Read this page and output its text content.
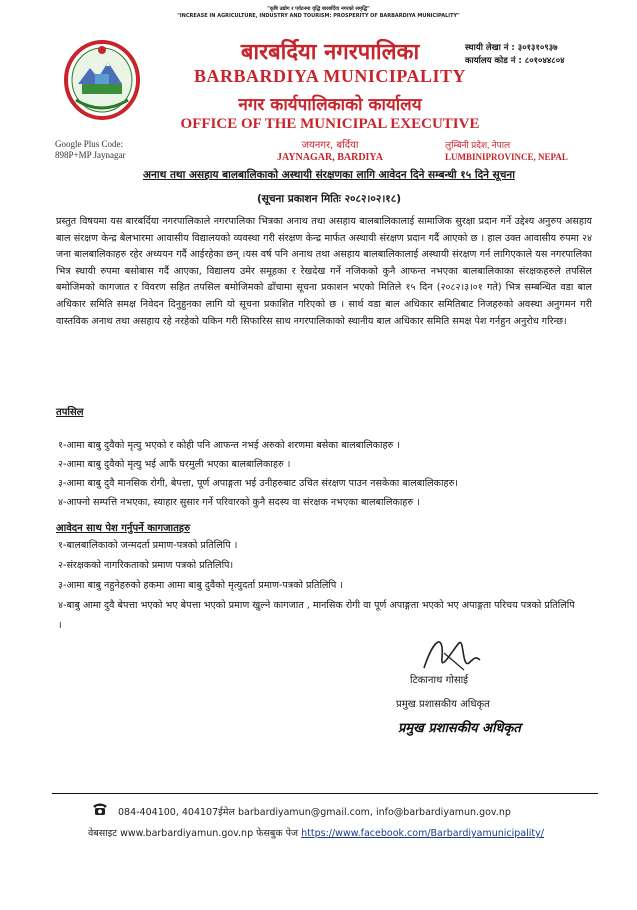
"कृषि उद्योग र पर्यटनमा वृद्धि बारबर्दिया नगरको समृद्धि"
"INCREASE IN AGRICULTURE, INDUSTRY AND TOURISM: PROSPERITY OF BARBARDIYA MUNICIPALITY"
बारबर्दिया नगरपालिका
BARBARDIYA MUNICIPALITY
नगर कार्यपालिकाको कार्यालय
OFFICE OF THE MUNICIPAL EXECUTIVE
जयनगर, बर्दिया
JAYNAGAR, BARDIYA
Google Plus Code:
898P+MP Jaynagar
लुम्बिनी प्रदेश, नेपाल
LUMBINIPROVINCE, NEPAL
स्थायी लेखा नं : ३०१३१०९३७
कार्यालय कोड नं : ८०१०४४८०४
अनाथ तथा असहाय बालबालिकाको अस्थायी संरक्षणका लागि आवेदन दिने सम्बन्धी १५ दिने सूचना
(सूचना प्रकाशन मितिः २०८२।०२।१८)
प्रस्तुत विषयमा यस बारबर्दिया नगरपालिकाले नगरपालिका भित्रका अनाथ तथा असहाय बालबालिकालाई सामाजिक सुरक्षा प्रदान गर्ने उद्देश्य अनुरुप असहाय बाल संरक्षण केन्द्र बेलभारमा आवासीय विद्यालयको व्यवस्था गरी संरक्षण केन्द्र मार्फत अस्थायी संरक्षण प्रदान गर्दै आएको छ । हाल उक्त आवासीय रुपमा २४ जना बालबालिकाहरु रहेर अध्ययन गर्दै आईरहेका छन् ।यस वर्ष पनि अनाथ तथा असहाय बालबालिकालाई अस्थायी संरक्षण गर्न लागिएकाले यस नगरपालिका भित्र स्थायी रुपमा बसोबास गर्दै आएका, विद्यालय उमेर समूहका र रेखदेख गर्ने नजिकको कुनै आफन्त नभएका बालबालिकाका संरक्षकहरुले तपसिल बमोजिमको कागजात र विवरण सहित तपसिल बमोजिमको ढाँचामा सूचना प्रकाशन भएको मितिले १५ दिन (२०८२।३।०१ गते) भित्र सम्बन्धित वडा बाल अधिकार समिति समक्ष निवेदन दिनुहुनका लागि यो सूचना प्रकाशित गरिएको छ । सार्थ वडा बाल अधिकार समितिबाट निजहरुको अवस्था अनुगमन गरी वास्तविक अनाथ तथा असहाय रहे नरहेको यकिन गरी सिफारिस साथ नगरपालिकाको स्थानीय बाल अधिकार समिति समक्ष पेश गर्नहुन अनुरोध गरिन्छ।
तपसिल
१-आमा बाबु दुवैको मृत्यु भएको र कोही पनि आफन्त नभई अरुको शरणमा बसेका बालबालिकाहरु ।
२-आमा बाबु दुवैको मृत्यु भई आफैं घरमुली भएका बालबालिकाहरु ।
३-आमा बाबु दुवै मानसिक रोगी, बेपत्ता, पूर्ण अपाङ्गता भई उनीहरुबाट उचित संरक्षण पाउन नसकेका बालबालिकाहरु।
४-आफ्नो सम्पत्ति नभएका, स्याहार सुसार गर्ने परिवारको कुनै सदस्य वा संरक्षक नभएका बालबालिकाहरु ।
आवेदन साथ पेश गर्नुपर्ने कागजातहरु
१-बालबालिकाको जन्मदर्ता प्रमाण-पत्रको प्रतिलिपि ।
२-संरक्षकको नागरिकताको प्रमाण पत्रको प्रतिलिपि।
३-आमा बाबु नहुनेहरुको हकमा आमा बाबु दुवैको मृत्युदर्ता प्रमाण-पत्रको प्रतिलिपि ।
४-बाबु आमा दुवै बेपत्ता भएको भए बेपत्ता भएको प्रमाण खुल्ने कागजात , मानसिक रोगी वा पूर्ण अपाङ्गता भएको भए अपाङ्गता परिचय पत्रको प्रतिलिपि ।
टिकानाथ गोसाई
प्रमुख प्रशासकीय अधिकृत
प्रमुख प्रशासकीय अधिकृत
084-404100, 404107ईमेल barbardiyamun@gmail.com, info@barbardiyamun.gov.np
वेबसाइट www.barbardiyamun.gov.np फेसबुक पेज https://www.facebook.com/Barbardiyamunicipality/
